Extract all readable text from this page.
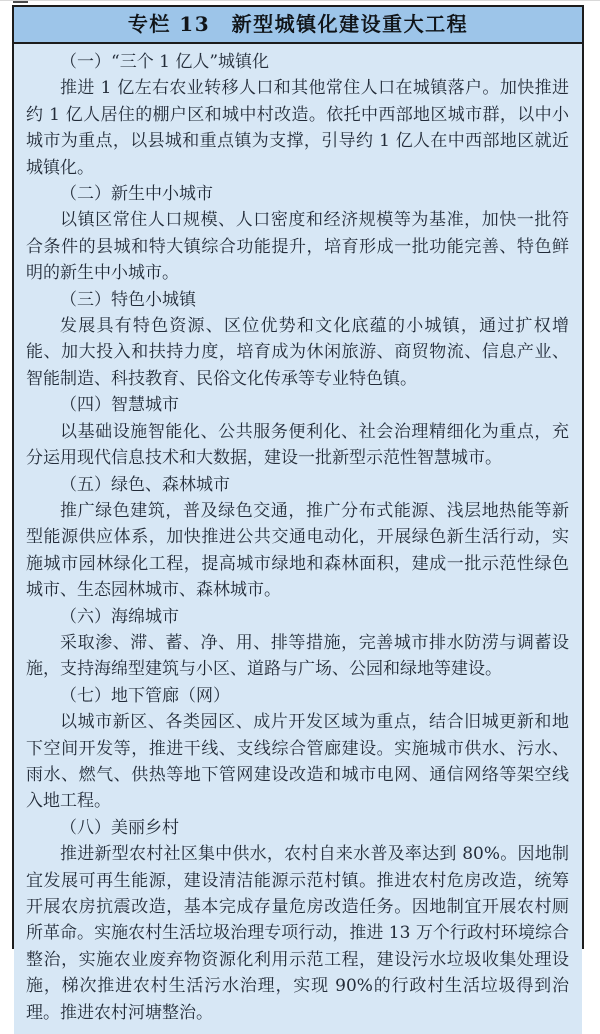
专栏 13　新型城镇化建设重大工程

（一）“三个 1 亿人”城镇化

推进 1 亿左右农业转移人口和其他常住人口在城镇落户。加快推进约 1 亿人居住的棚户区和城中村改造。依托中西部地区城市群，以中小城市为重点，以县城和重点镇为支撑，引导约 1 亿人在中西部地区就近城镇化。

（二）新生中小城市

以镇区常住人口规模、人口密度和经济规模等为基准，加快一批符合条件的县城和特大镇综合功能提升，培育形成一批功能完善、特色鲜明的新生中小城市。

（三）特色小城镇

发展具有特色资源、区位优势和文化底蕴的小城镇，通过扩权增能、加大投入和扶持力度，培育成为休闲旅游、商贸物流、信息产业、智能制造、科技教育、民俗文化传承等专业特色镇。

（四）智慧城市

以基础设施智能化、公共服务便利化、社会治理精细化为重点，充分运用现代信息技术和大数据，建设一批新型示范性智慧城市。

（五）绿色、森林城市

推广绿色建筑，普及绿色交通，推广分布式能源、浅层地热能等新型能源供应体系，加快推进公共交通电动化，开展绿色新生活行动，实施城市园林绿化工程，提高城市绿地和森林面积，建成一批示范性绿色城市、生态园林城市、森林城市。

（六）海绵城市

采取渗、滞、蓄、净、用、排等措施，完善城市排水防涝与调蓄设施，支持海绵型建筑与小区、道路与广场、公园和绿地等建设。

（七）地下管廊（网）

以城市新区、各类园区、成片开发区域为重点，结合旧城更新和地下空间开发等，推进干线、支线综合管廊建设。实施城市供水、污水、雨水、燃气、供热等地下管网建设改造和城市电网、通信网络等架空线入地工程。

（八）美丽乡村

推进新型农村社区集中供水，农村自来水普及率达到 80%。因地制宜发展可再生能源，建设清洁能源示范村镇。推进农村危房改造，统筹开展农房抗震改造，基本完成存量危房改造任务。因地制宜开展农村厕所革命。实施农村生活垃圾治理专项行动，推进 13 万个行政村环境综合整治，实施农业废弃物资源化利用示范工程，建设污水垃圾收集处理设施，梯次推进农村生活污水治理，实现 90%的行政村生活垃圾得到治理。推进农村河塘整治。
